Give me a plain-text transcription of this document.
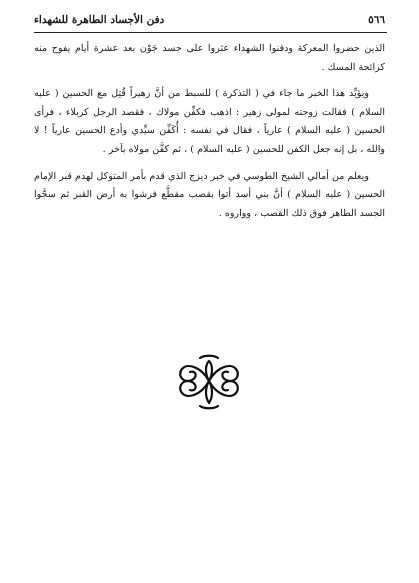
٥٦٦
دفن الأجساد الطاهرة للشهداء

الذين حضروا المعركة ودفنوا الشهداء عثروا على جسد جَوْن بعد عشرة أيام يفوح منه كرائحة المسك .

ويؤيِّد هذا الخبر ما جاء في ( التذكرة ) للسبط من أنَّ زهيراً قُتِل مع الحسين ( عليه السلام ) فقالت زوجته لمولى زهير : اذهب فكفِّن مولاك ، فقصد الرجل كربلاء ، فرأى الحسين ( عليه السلام ) عارياً ، فقال في نفسه : أُكَفِّن سيِّدي وأدع الحسين عارياً ! لا والله ، بل إنه جعل الكفن للحسين ( عليه السلام ) ، ثم كفَّن مولاه بآخر .

ويعلم من أمالي الشيخ الطوسي في خبر ديزج الذي قدم بأمر المتوكل لهدم قبر الإمام الحسين ( عليه السلام ) أنَّ بني أسد أتوا بقصب مقطَّع فرشوا به أرض القبر ثم سجَّوا الجسد الطاهر فوق ذلك القصب ، وواروه .
